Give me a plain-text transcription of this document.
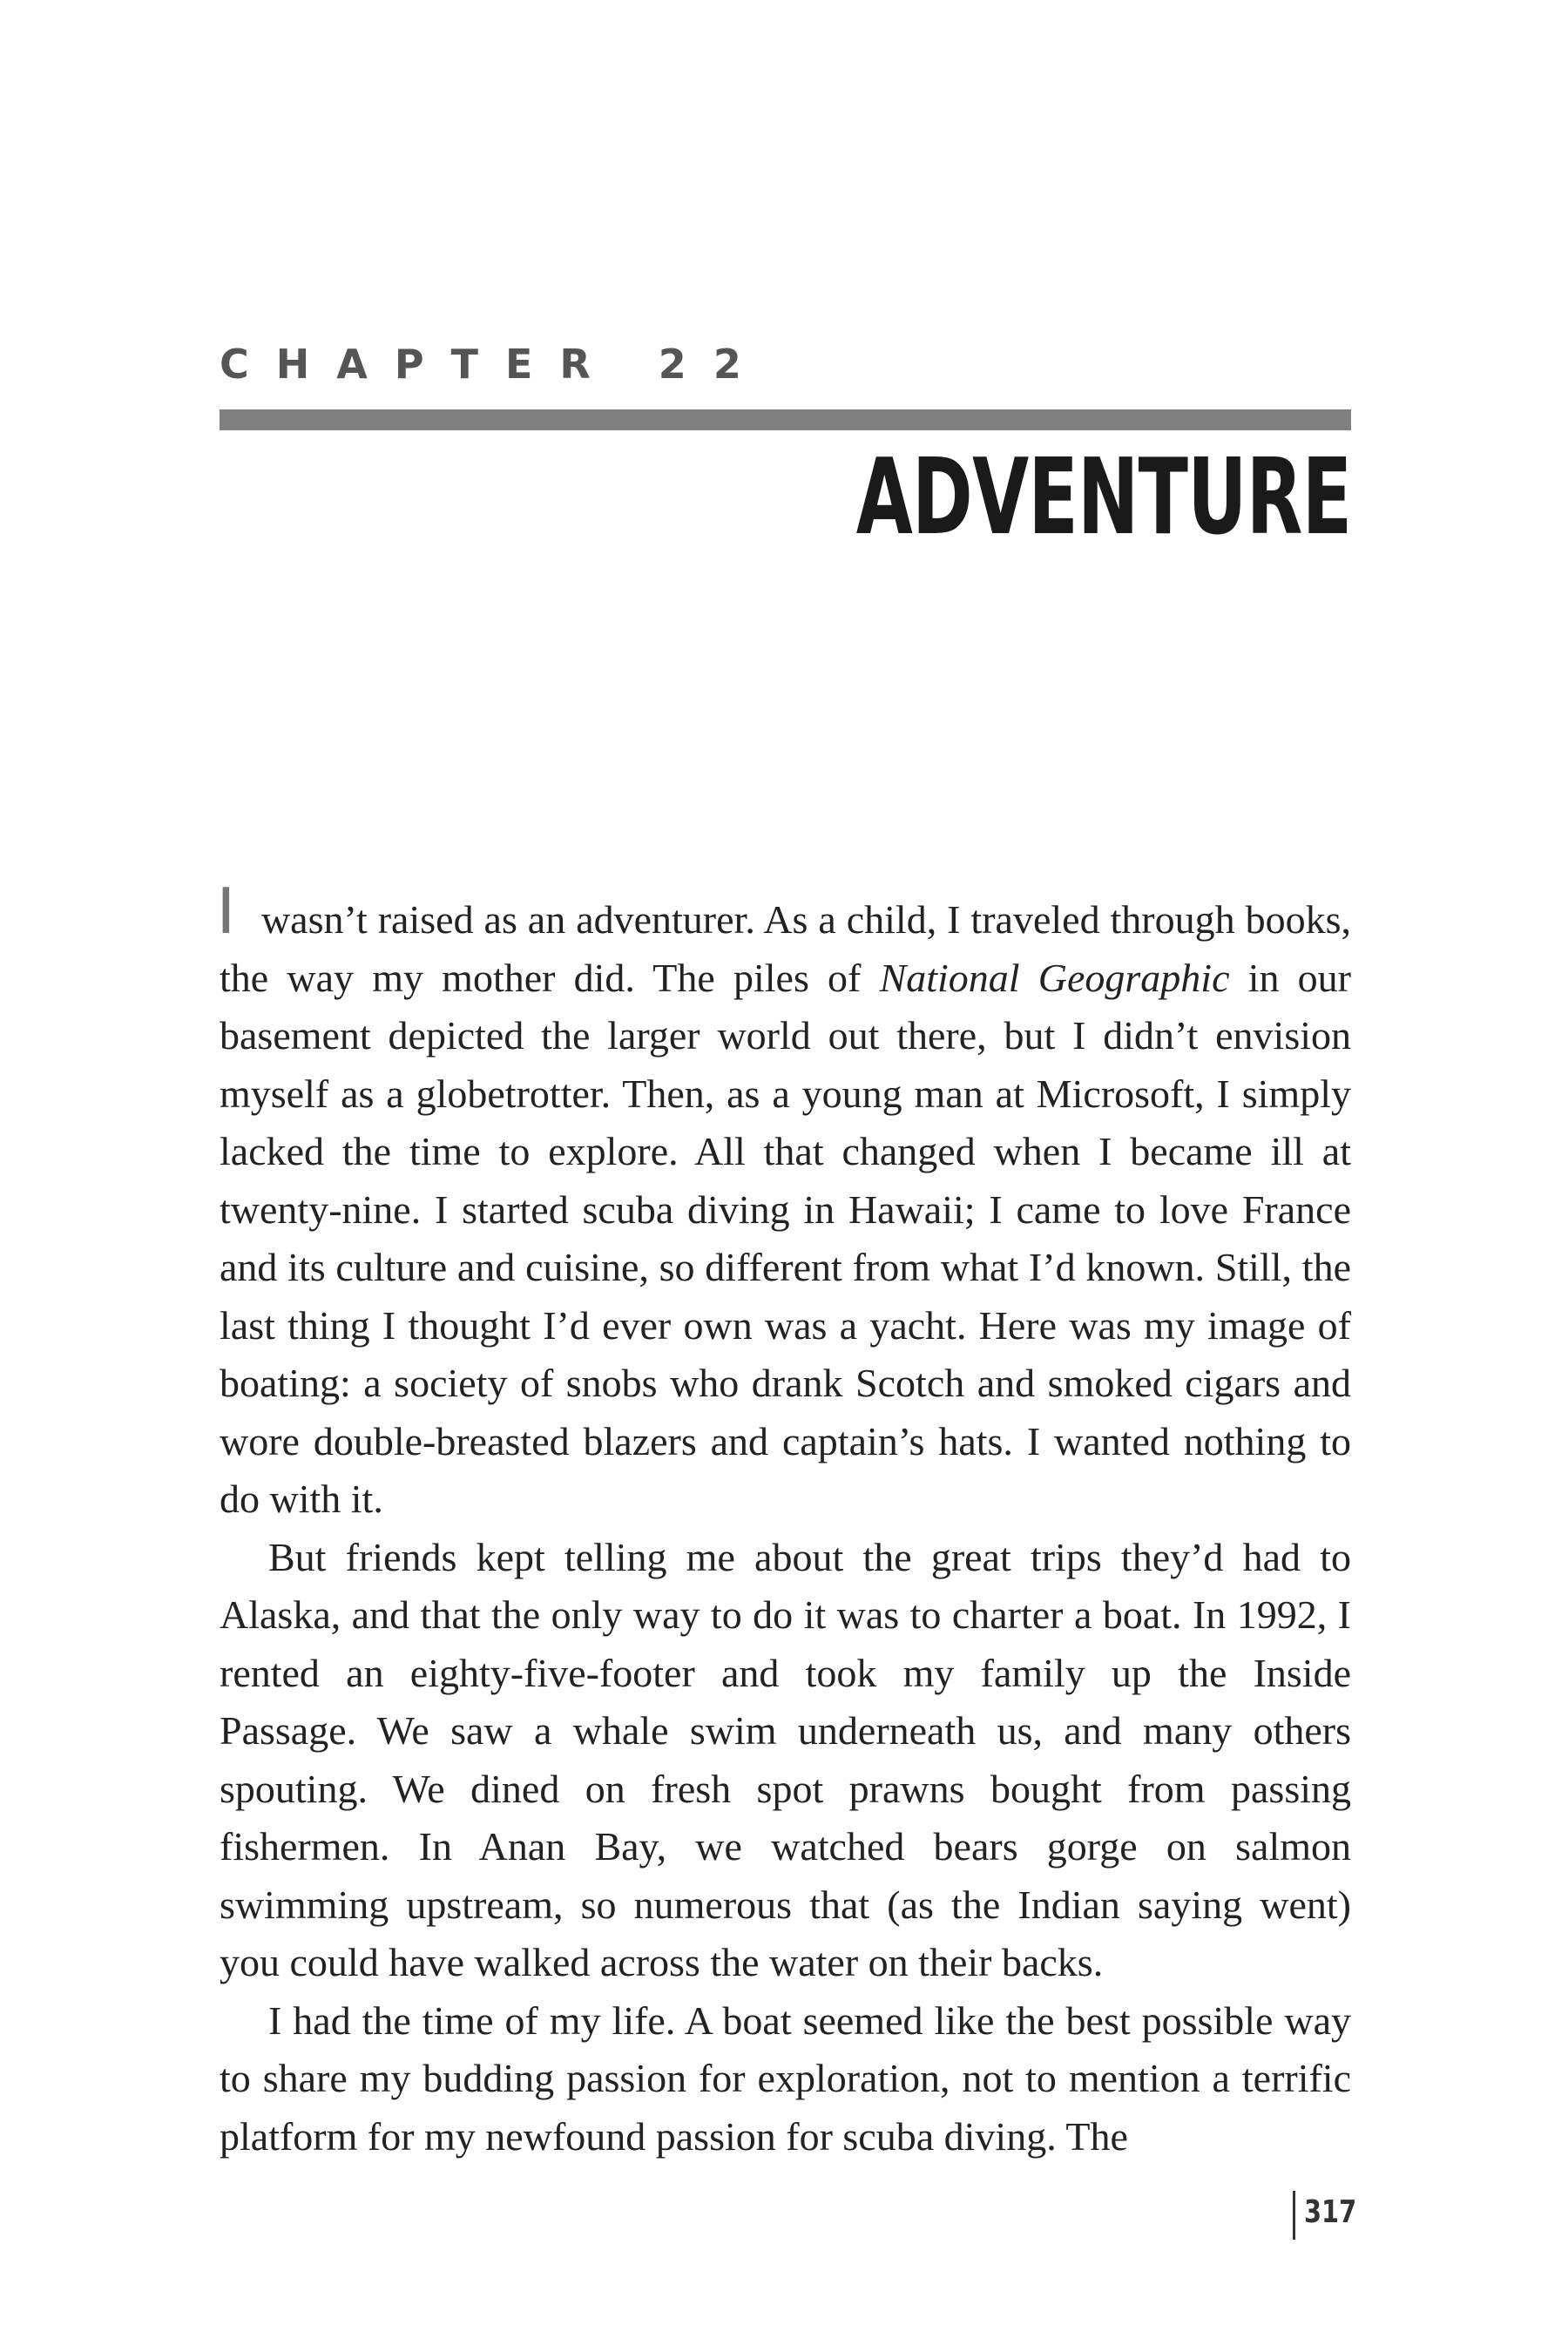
CHAPTER 22
ADVENTURE

I wasn’t raised as an adventurer. As a child, I traveled through books, the way my mother did. The piles of National Geographic in our basement depicted the larger world out there, but I didn’t envision myself as a globetrotter. Then, as a young man at Microsoft, I simply lacked the time to explore. All that changed when I became ill at twenty-nine. I started scuba diving in Hawaii; I came to love France and its culture and cuisine, so different from what I’d known. Still, the last thing I thought I’d ever own was a yacht. Here was my image of boating: a society of snobs who drank Scotch and smoked cigars and wore double-breasted blazers and captain’s hats. I wanted nothing to do with it.

But friends kept telling me about the great trips they’d had to Alaska, and that the only way to do it was to charter a boat. In 1992, I rented an eighty-five-footer and took my family up the Inside Passage. We saw a whale swim underneath us, and many others spouting. We dined on fresh spot prawns bought from passing fishermen. In Anan Bay, we watched bears gorge on salmon swimming upstream, so numerous that (as the Indian saying went) you could have walked across the water on their backs.

I had the time of my life. A boat seemed like the best possible way to share my budding passion for exploration, not to mention a terrific platform for my newfound passion for scuba diving. The

317
